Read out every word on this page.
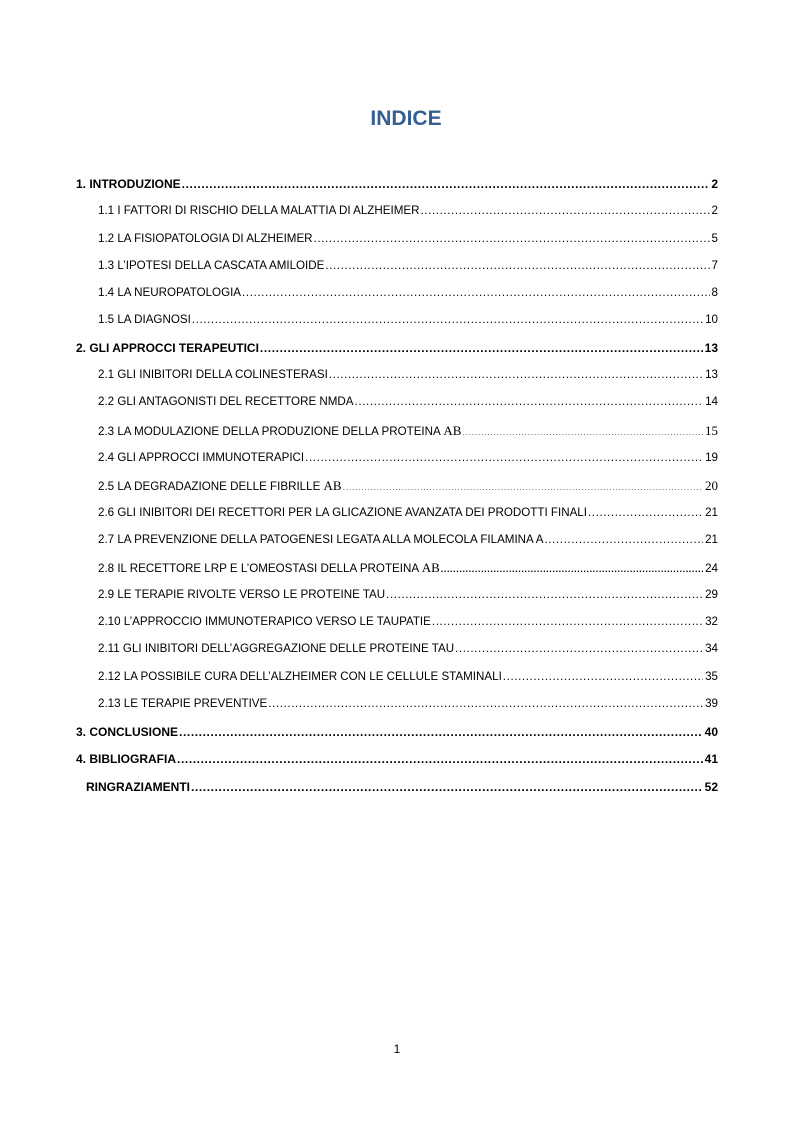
INDICE
1. INTRODUZIONE .....	2
1.1 I FATTORI DI RISCHIO DELLA MALATTIA DI ALZHEIMER .....	2
1.2 LA FISIOPATOLOGIA DI ALZHEIMER .....	5
1.3 L’IPOTESI DELLA CASCATA AMILOIDE .....	7
1.4 LA NEUROPATOLOGIA .....	8
1.5 LA DIAGNOSI .....	10
2. GLI APPROCCI TERAPEUTICI .....	13
2.1 GLI INIBITORI DELLA COLINESTERASI .....	13
2.2 GLI ANTAGONISTI DEL RECETTORE NMDA .....	14
2.3 LA MODULAZIONE DELLA PRODUZIONE DELLA PROTEINA AB .....	15
2.4 GLI APPROCCI IMMUNOTERAPICI .....	19
2.5 LA DEGRADAZIONE DELLE FIBRILLE AB .....	20
2.6 GLI INIBITORI DEI RECETTORI PER LA GLICAZIONE AVANZATA DEI PRODOTTI FINALI .....	21
2.7 LA PREVENZIONE DELLA PATOGENESI LEGATA ALLA MOLECOLA FILAMINA A .....	21
2.8 IL RECETTORE LRP E L’OMEOSTASI DELLA PROTEINA AB .....	24
2.9 LE TERAPIE RIVOLTE VERSO LE PROTEINE TAU .....	29
2.10 L’APPROCCIO IMMUNOTERAPICO VERSO LE TAUPATIE .....	32
2.11 GLI INIBITORI DELL’AGGREGAZIONE DELLE PROTEINE TAU .....	34
2.12 LA POSSIBILE CURA DELL’ALZHEIMER CON LE CELLULE STAMINALI .....	35
2.13 LE TERAPIE PREVENTIVE .....	39
3. CONCLUSIONE .....	40
4. BIBLIOGRAFIA .....	41
RINGRAZIAMENTI .....	52
1
